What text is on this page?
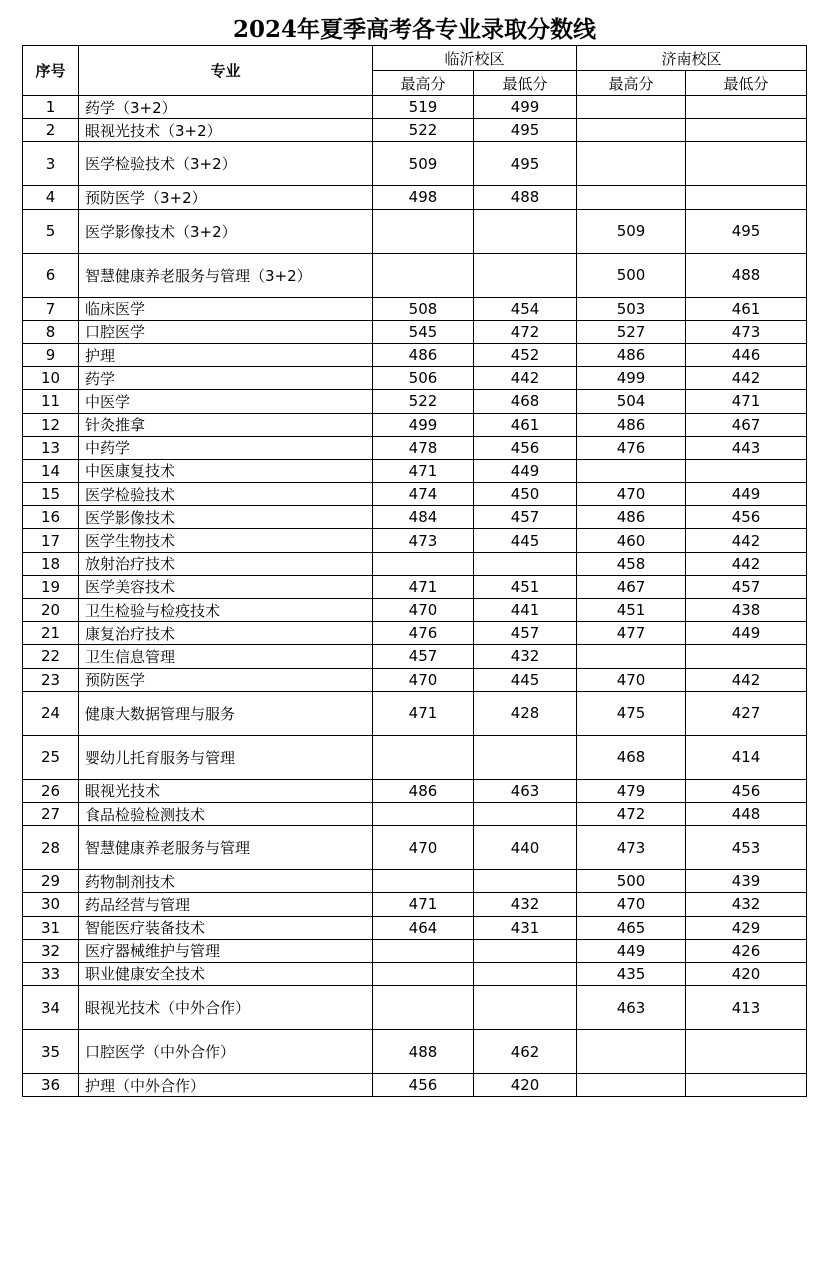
2024年夏季高考各专业录取分数线
序号	专业	临沂校区		济南校区	
		最高分	最低分	最高分	最低分
1	药学（3+2）	519	499		
2	眼视光技术（3+2）	522	495		
3	医学检验技术（3+2）	509	495		
4	预防医学（3+2）	498	488		
5	医学影像技术（3+2）			509	495
6	智慧健康养老服务与管理（3+2）			500	488
7	临床医学	508	454	503	461
8	口腔医学	545	472	527	473
9	护理	486	452	486	446
10	药学	506	442	499	442
11	中医学	522	468	504	471
12	针灸推拿	499	461	486	467
13	中药学	478	456	476	443
14	中医康复技术	471	449		
15	医学检验技术	474	450	470	449
16	医学影像技术	484	457	486	456
17	医学生物技术	473	445	460	442
18	放射治疗技术			458	442
19	医学美容技术	471	451	467	457
20	卫生检验与检疫技术	470	441	451	438
21	康复治疗技术	476	457	477	449
22	卫生信息管理	457	432		
23	预防医学	470	445	470	442
24	健康大数据管理与服务	471	428	475	427
25	婴幼儿托育服务与管理			468	414
26	眼视光技术	486	463	479	456
27	食品检验检测技术			472	448
28	智慧健康养老服务与管理	470	440	473	453
29	药物制剂技术			500	439
30	药品经营与管理	471	432	470	432
31	智能医疗装备技术	464	431	465	429
32	医疗器械维护与管理			449	426
33	职业健康安全技术			435	420
34	眼视光技术（中外合作）			463	413
35	口腔医学（中外合作）	488	462		
36	护理（中外合作）	456	420		
